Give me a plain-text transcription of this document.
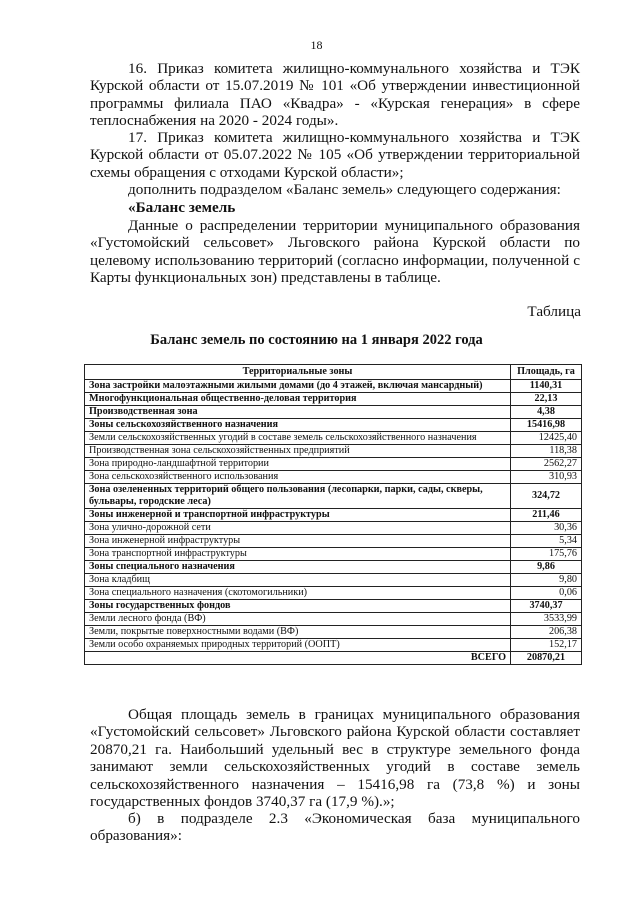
18

16. Приказ комитета жилищно-коммунального хозяйства и ТЭК Курской области от 15.07.2019 № 101 «Об утверждении инвестиционной программы филиала ПАО «Квадра» - «Курская генерация» в сфере теплоснабжения на 2020 - 2024 годы».

17. Приказ комитета жилищно-коммунального хозяйства и ТЭК Курской области от 05.07.2022 № 105 «Об утверждении территориальной схемы обращения с отходами Курской области»;

дополнить подразделом «Баланс земель» следующего содержания:

«Баланс земель

Данные о распределении территории муниципального образования «Густомойский сельсовет» Льговского района Курской области по целевому использованию территорий (согласно информации, полученной с Карты функциональных зон) представлены в таблице.

Таблица
Баланс земель по состоянию на 1 января 2022 года
Территориальные зоны	Площадь, га
Зона застройки малоэтажными жилыми домами (до 4 этажей, включая мансардный)	1140,31
Многофункциональная общественно-деловая территория	22,13
Производственная зона	4,38
Зоны сельскохозяйственного назначения	15416,98
Земли сельскохозяйственных угодий в составе земель сельскохозяйственного назначения	12425,40
Производственная зона сельскохозяйственных предприятий	118,38
Зона природно-ландшафтной территории	2562,27
Зона сельскохозяйственного использования	310,93
Зона озелененных территорий общего пользования (лесопарки, парки, сады, скверы, бульвары, городские леса)	324,72
Зоны инженерной и транспортной инфраструктуры	211,46
Зона улично-дорожной сети	30,36
Зона инженерной инфраструктуры	5,34
Зона транспортной инфраструктуры	175,76
Зоны специального назначения	9,86
Зона кладбищ	9,80
Зона специального назначения (скотомогильники)	0,06
Зоны государственных фондов	3740,37
Земли лесного фонда (ВФ)	3533,99
Земли, покрытые поверхностными водами (ВФ)	206,38
Земли особо охраняемых природных территорий (ООПТ)	152,17
ВСЕГО	20870,21

Общая площадь земель в границах муниципального образования «Густомойский сельсовет» Льговского района Курской области составляет 20870,21 га. Наибольший удельный вес в структуре земельного фонда занимают земли сельскохозяйственных угодий в составе земель сельскохозяйственного назначения – 15416,98 га (73,8 %) и зоны государственных фондов 3740,37 га (17,9 %).»;

б) в подразделе 2.3 «Экономическая база муниципального образования»:
